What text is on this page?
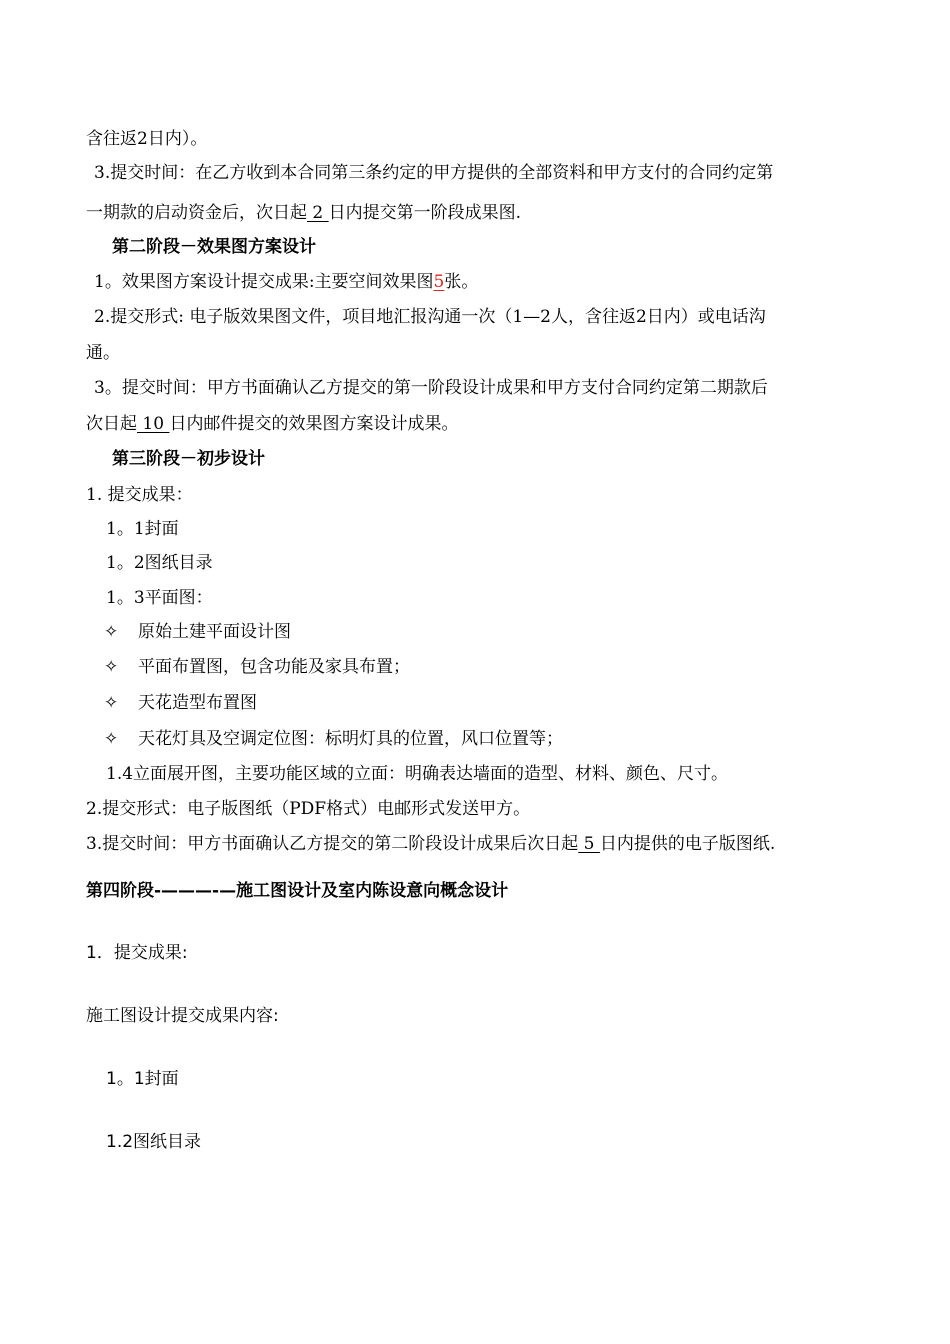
含往返2日内）。
3.提交时间：在乙方收到本合同第三条约定的甲方提供的全部资料和甲方支付的合同约定第
一期款的启动资金后，次日起 2 日内提交第一阶段成果图.
第二阶段－效果图方案设计
1。效果图方案设计提交成果:主要空间效果图5张。
2.提交形式: 电子版效果图文件，项目地汇报沟通一次（1—2人，含往返2日内）或电话沟
通。
3。提交时间：甲方书面确认乙方提交的第一阶段设计成果和甲方支付合同约定第二期款后
次日起 10 日内邮件提交的效果图方案设计成果。
第三阶段－初步设计
1. 提交成果：
1。1封面
1。2图纸目录
1。3平面图：
✧ 原始土建平面设计图
✧ 平面布置图，包含功能及家具布置；
✧ 天花造型布置图
✧ 天花灯具及空调定位图：标明灯具的位置，风口位置等；
1.4立面展开图，主要功能区域的立面：明确表达墙面的造型、材料、颜色、尺寸。
2.提交形式：电子版图纸（PDF格式）电邮形式发送甲方。
3.提交时间：甲方书面确认乙方提交的第二阶段设计成果后次日起 5 日内提供的电子版图纸.
第四阶段-———-—施工图设计及室内陈设意向概念设计
1．提交成果:
施工图设计提交成果内容:
1。1封面
1.2图纸目录
